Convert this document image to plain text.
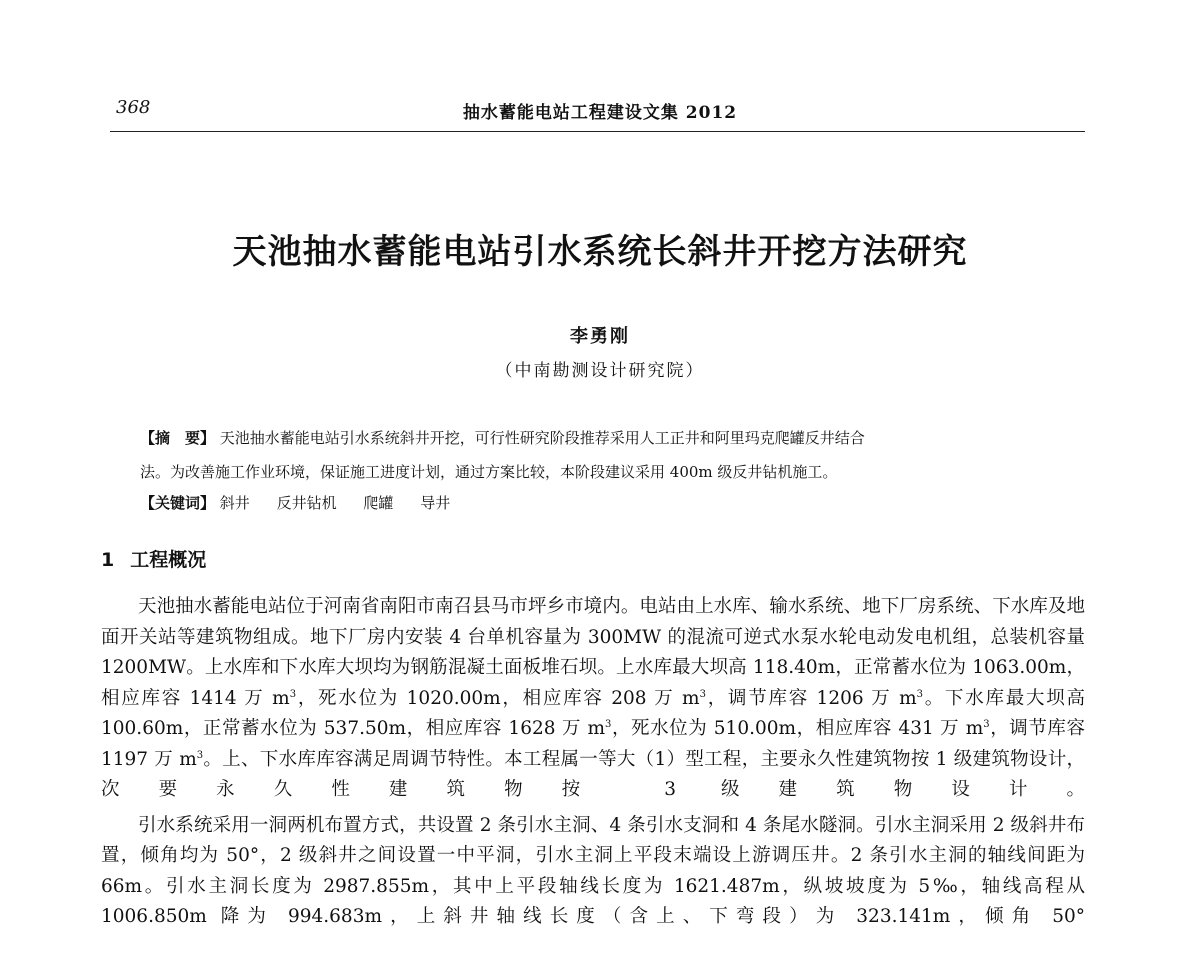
368	抽水蓄能电站工程建设文集 2012
天池抽水蓄能电站引水系统长斜井开挖方法研究
李勇刚
（中南勘测设计研究院）
【摘　要】 天池抽水蓄能电站引水系统斜井开挖，可行性研究阶段推荐采用人工正井和阿里玛克爬罐反井结合
法。为改善施工作业环境，保证施工进度计划，通过方案比较，本阶段建议采用 400m 级反井钻机施工。
【关键词】 斜井 反井钻机 爬罐 导井
1 工程概况

天池抽水蓄能电站位于河南省南阳市南召县马市坪乡市境内。电站由上水库、输水系统、地下厂房系统、下水库及地面开关站等建筑物组成。地下厂房内安装 4 台单机容量为 300MW 的混流可逆式水泵水轮电动发电机组，总装机容量 1200MW。上水库和下水库大坝均为钢筋混凝土面板堆石坝。上水库最大坝高 118.40m，正常蓄水位为 1063.00m，相应库容 1414 万 $m^3$，死水位为 1020.00m，相应库容 208 万 $m^3$，调节库容 1206 万 $m^3$。下水库最大坝高 100.60m，正常蓄水位为 537.50m，相应库容 1628 万 $m^3$，死水位为 510.00m，相应库容 431 万 $m^3$，调节库容 1197 万 $m^3$。上、下水库库容满足周调节特性。本工程属一等大（1）型工程，主要永久性建筑物按 1 级建筑物设计，次要永久性建筑物按 3 级建筑物设计。

引水系统采用一洞两机布置方式，共设置 2 条引水主洞、4 条引水支洞和 4 条尾水隧洞。引水主洞采用 2 级斜井布置，倾角均为 50°，2 级斜井之间设置一中平洞，引水主洞上平段末端设上游调压井。2 条引水主洞的轴线间距为 66m。引水主洞长度为 2987.855m，其中上平段轴线长度为 1621.487m，纵坡坡度为 5‰，轴线高程从 1006.850m 降为 994.683m，上斜井轴线长度（含上、下弯段）为 323.141m，倾角 50°
